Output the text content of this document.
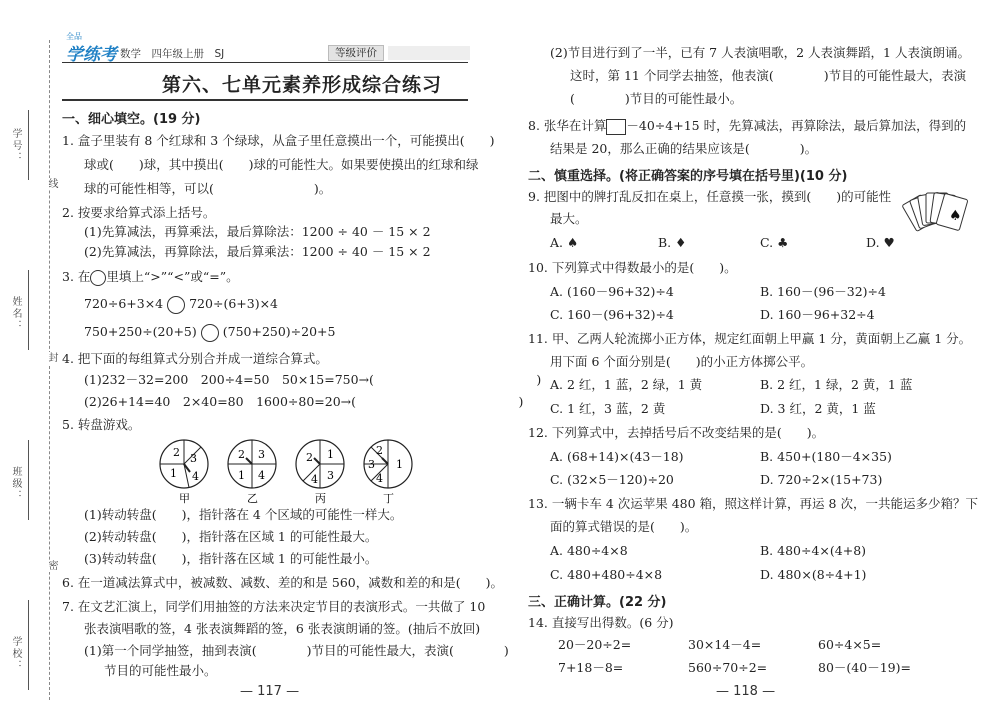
学号：
姓名：
班级：
学校：
线
封
密
全品
学练考 数学　四年级上册　SJ	等级评价
第六、七单元素养形成综合练习
一、细心填空。(19 分)
1. 盒子里装有 8 个红球和 3 个绿球，从盒子里任意摸出一个，可能摸出(　　)
球或(　　)球，其中摸出(　　)球的可能性大。如果要使摸出的红球和绿
球的可能性相等，可以(　　　　　　　　)。
2. 按要求给算式添上括号。
(1)先算减法，再算乘法，最后算除法：1200 ÷ 40 － 15 × 2
(2)先算减法，再算除法，最后算乘法：1200 ÷ 40 － 15 × 2
3. 在 里填上“>”“<”或“=”。
720÷6+3×4 720÷(6+3)×4
750+250÷(20+5) (750+250)÷20+5
4. 把下面的每组算式分别合并成一道综合算式。
(1)232－32=200　200÷4=50　50×15=750→(　　　　　　　　　　　　　)
(2)26+14=40　2×40=80　1600÷80=20→(　　　　　　　　　　　　　)
5. 转盘游戏。
2 3
1 4
甲
2 3
1 4
乙
2 1
4 3
丙
2
3
4
1
丁
(1)转动转盘(　　)，指针落在 4 个区域的可能性一样大。
(2)转动转盘(　　)，指针落在区域 1 的可能性最大。
(3)转动转盘(　　)，指针落在区域 1 的可能性最小。
6. 在一道减法算式中，被减数、减数、差的和是 560，减数和差的和是(　　)。
7. 在文艺汇演上，同学们用抽签的方法来决定节目的表演形式。一共做了 10
张表演唱歌的签，4 张表演舞蹈的签，6 张表演朗诵的签。(抽后不放回)
(1)第一个同学抽签，抽到表演(　　　　)节目的可能性最大，表演(　　　　)
节目的可能性最小。
— 117 —
(2)节目进行到了一半，已有 7 人表演唱歌，2 人表演舞蹈，1 人表演朗诵。
这时，第 11 个同学去抽签，他表演(　　　　)节目的可能性最大，表演
(　　　　)节目的可能性最小。
8. 张华在计算 －40÷4+15 时，先算减法，再算除法，最后算加法，得到的
结果是 20，那么正确的结果应该是(　　　　)。
二、慎重选择。(将正确答案的序号填在括号里)(10 分)
9. 把图中的牌打乱反扣在桌上，任意摸一张，摸到(　　)的可能性
最大。	♠
A. ♠	B. ♦	C. ♣	D. ♥
10. 下列算式中得数最小的是(　　)。
A. (160－96+32)÷4	B. 160－(96－32)÷4
C. 160－(96+32)÷4	D. 160－96+32÷4
11. 甲、乙两人轮流掷小正方体，规定红面朝上甲赢 1 分，黄面朝上乙赢 1 分。
用下面 6 个面分别是(　　)的小正方体掷公平。
A. 2 红，1 蓝，2 绿，1 黄	B. 2 红，1 绿，2 黄，1 蓝
C. 1 红，3 蓝，2 黄	D. 3 红，2 黄，1 蓝
12. 下列算式中，去掉括号后不改变结果的是(　　)。
A. (68+14)×(43－18)	B. 450+(180－4×35)
C. (32×5－120)÷20	D. 720÷2×(15+73)
13. 一辆卡车 4 次运苹果 480 箱，照这样计算，再运 8 次，一共能运多少箱？下
面的算式错误的是(　　)。
A. 480÷4×8	B. 480÷4×(4+8)
C. 480+480÷4×8	D. 480×(8÷4+1)
三、正确计算。(22 分)
14. 直接写出得数。(6 分)
20－20÷2=	30×14－4=	60÷4×5=
7+18－8=	560÷70÷2=	80－(40－19)=
— 118 —
